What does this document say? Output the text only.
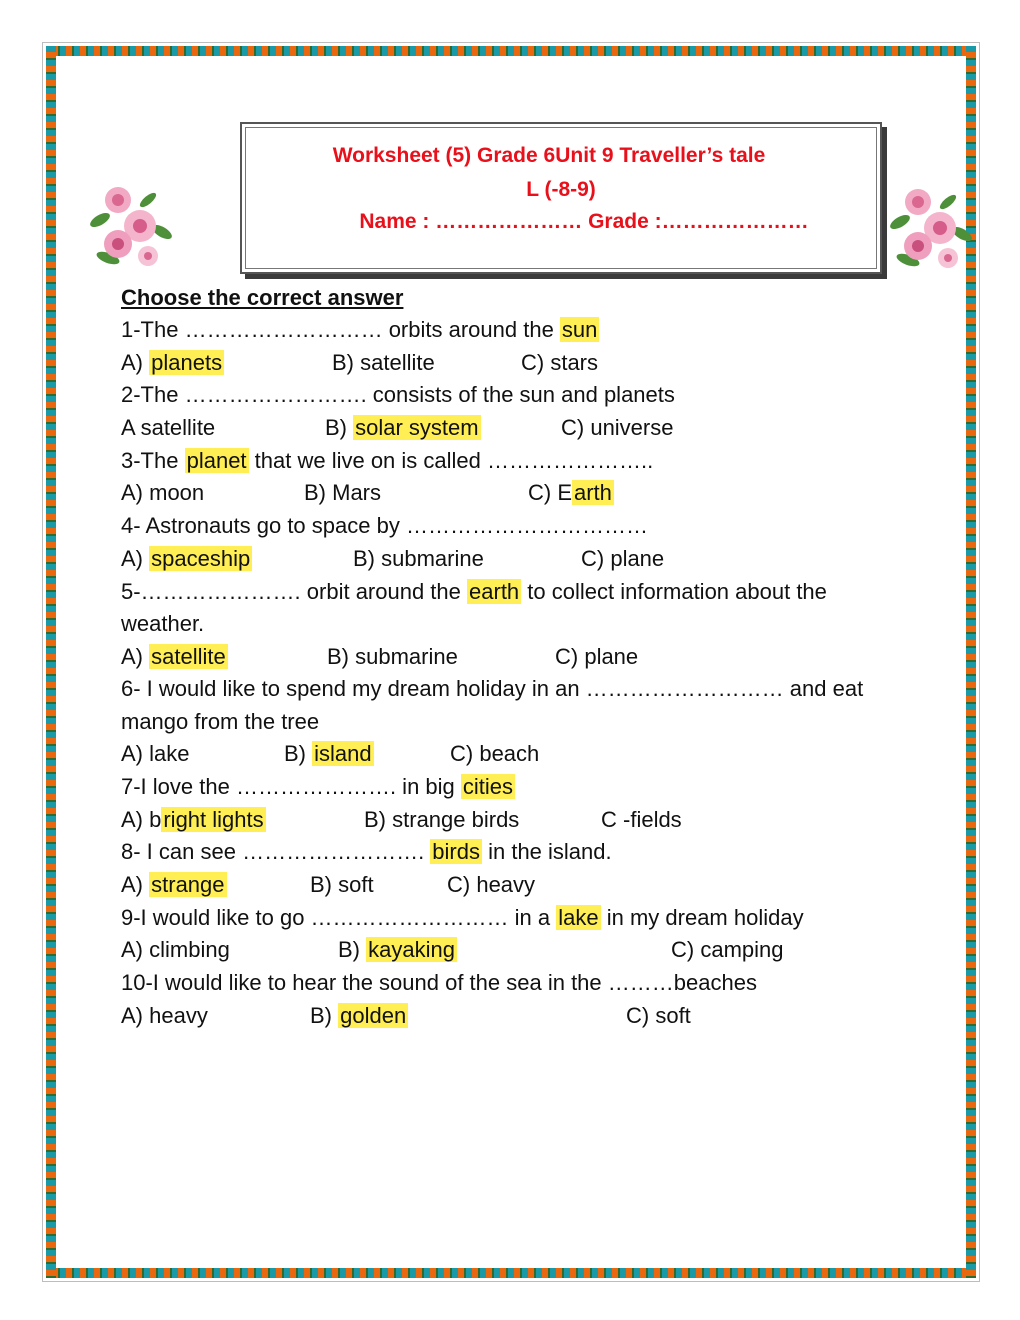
Worksheet (5) Grade 6Unit 9 Traveller’s tale
L (-8-9)
Name : ………………… Grade :…………………
Choose the correct answer
1-The ……………………… orbits around the sun
A) planets	B) satellite	C) stars
2-The ……………………. consists of the sun and planets
A satellite	B) solar system	C) universe
3-The planet that we live on is called …………………..
A) moon	B) Mars	C) Earth
4- Astronauts go to space by ……………………………
A) spaceship	B) submarine	C) plane
5-…………………. orbit around the earth to collect information about the weather.
A) satellite	B) submarine	C) plane
6- I would like to spend my dream holiday in an ……………………… and eat mango from the tree
A) lake	B) island	C) beach
7-I love the …………………. in big cities
A) bright lights	B) strange birds	C -fields
8- I can see ……………………. birds in the island.
A) strange	B) soft	C) heavy
9-I would like to go ……………………… in a lake in my dream holiday
A) climbing	B) kayaking	C) camping
10-I would like to hear the sound of the sea in the ………beaches
A) heavy	B) golden	C) soft
